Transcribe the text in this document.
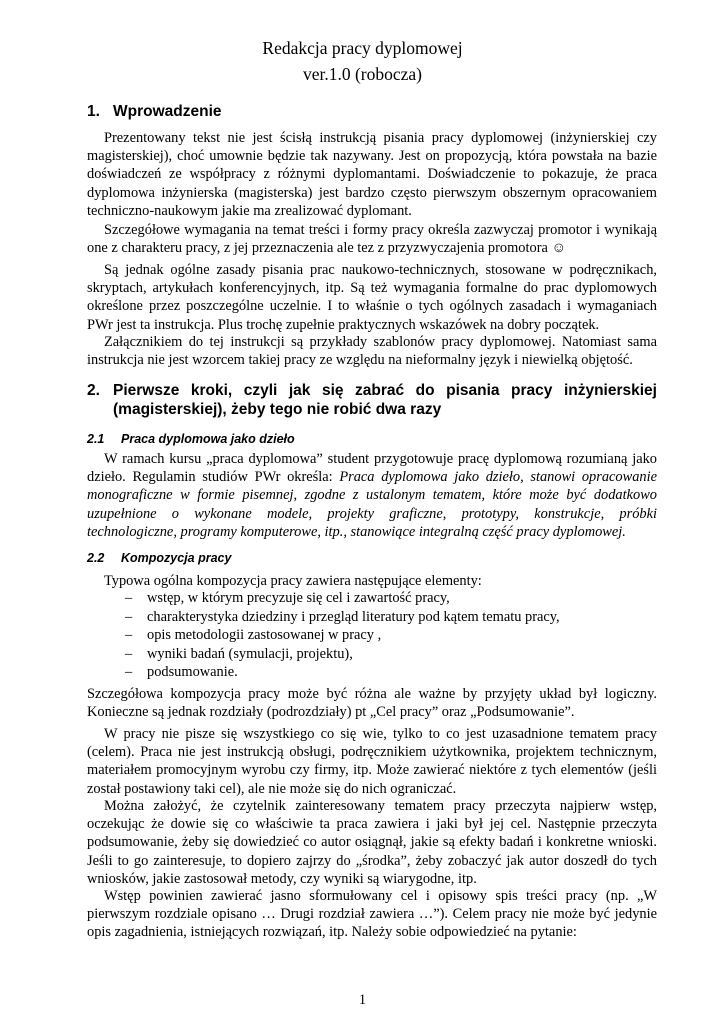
Redakcja pracy dyplomowej
ver.1.0 (robocza)
1. Wprowadzenie

Prezentowany tekst nie jest ścisłą instrukcją pisania pracy dyplomowej (inżynierskiej czy magisterskiej), choć umownie będzie tak nazywany. Jest on propozycją, która powstała na bazie doświadczeń ze współpracy z różnymi dyplomantami. Doświadczenie to pokazuje, że praca dyplomowa inżynierska (magisterska) jest bardzo często pierwszym obszernym opracowaniem techniczno-naukowym jakie ma zrealizować dyplomant.

Szczegółowe wymagania na temat treści i formy pracy określa zazwyczaj promotor i wynikają one z charakteru pracy, z jej przeznaczenia ale tez z przyzwyczajenia promotora ☺

Są jednak ogólne zasady pisania prac naukowo-technicznych, stosowane w podręcznikach, skryptach, artykułach konferencyjnych, itp. Są też wymagania formalne do prac dyplomowych określone przez poszczególne uczelnie. I to właśnie o tych ogólnych zasadach i wymaganiach PWr jest ta instrukcja. Plus trochę zupełnie praktycznych wskazówek na dobry początek.

Załącznikiem do tej instrukcji są przykłady szablonów pracy dyplomowej. Natomiast sama instrukcja nie jest wzorcem takiej pracy ze względu na nieformalny język i niewielką objętość.

2. Pierwsze kroki, czyli jak się zabrać do pisania pracy inżynierskiej (magisterskiej), żeby tego nie robić dwa razy
2.1 Praca dyplomowa jako dzieło

W ramach kursu „praca dyplomowa” student przygotowuje pracę dyplomową rozumianą jako dzieło. Regulamin studiów PWr określa: Praca dyplomowa jako dzieło, stanowi opracowanie monograficzne w formie pisemnej, zgodne z ustalonym tematem, które może być dodatkowo uzupełnione o wykonane modele, projekty graficzne, prototypy, konstrukcje, próbki technologiczne, programy komputerowe, itp., stanowiące integralną część pracy dyplomowej.

2.2 Kompozycja pracy

Typowa ogólna kompozycja pracy zawiera następujące elementy:

– wstęp, w którym precyzuje się cel i zawartość pracy,
– charakterystyka dziedziny i przegląd literatury pod kątem tematu pracy,
– opis metodologii zastosowanej w pracy ,
– wyniki badań (symulacji, projektu),
– podsumowanie.

Szczegółowa kompozycja pracy może być różna ale ważne by przyjęty układ był logiczny. Konieczne są jednak rozdziały (podrozdziały) pt „Cel pracy” oraz „Podsumowanie”.

W pracy nie pisze się wszystkiego co się wie, tylko to co jest uzasadnione tematem pracy (celem). Praca nie jest instrukcją obsługi, podręcznikiem użytkownika, projektem technicznym, materiałem promocyjnym wyrobu czy firmy, itp. Może zawierać niektóre z tych elementów (jeśli został postawiony taki cel), ale nie może się do nich ograniczać.

Można założyć, że czytelnik zainteresowany tematem pracy przeczyta najpierw wstęp, oczekując że dowie się co właściwie ta praca zawiera i jaki był jej cel. Następnie przeczyta podsumowanie, żeby się dowiedzieć co autor osiągnął, jakie są efekty badań i konkretne wnioski. Jeśli to go zainteresuje, to dopiero zajrzy do „środka”, żeby zobaczyć jak autor doszedł do tych wniosków, jakie zastosował metody, czy wyniki są wiarygodne, itp.

Wstęp powinien zawierać jasno sformułowany cel i opisowy spis treści pracy (np. „W pierwszym rozdziale opisano … Drugi rozdział zawiera …”). Celem pracy nie może być jedynie opis zagadnienia, istniejących rozwiązań, itp. Należy sobie odpowiedzieć na pytanie:

1
